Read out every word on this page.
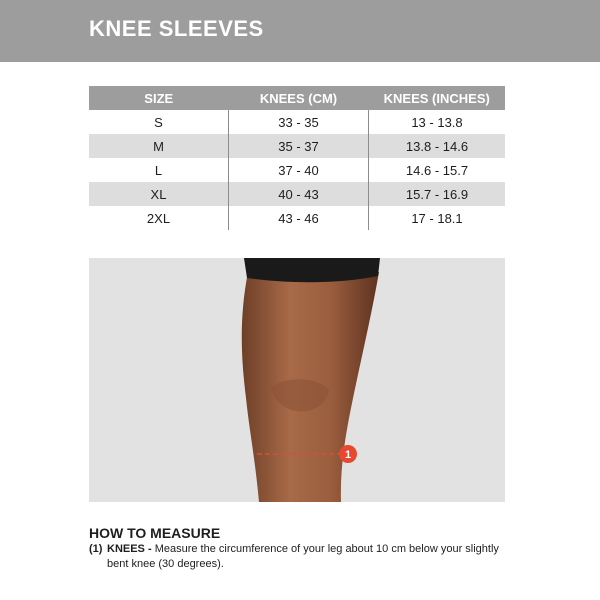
KNEE SLEEVES
SIZE	KNEES (CM)	KNEES (INCHES)
S	33 - 35	13 - 13.8
M	35 - 37	13.8 - 14.6
L	37 - 40	14.6 - 15.7
XL	40 - 43	15.7 - 16.9
2XL	43 - 46	17 - 18.1
1
HOW TO MEASURE
(1) KNEES - Measure the circumference of your leg about 10 cm below your slightly bent knee (30 degrees).
